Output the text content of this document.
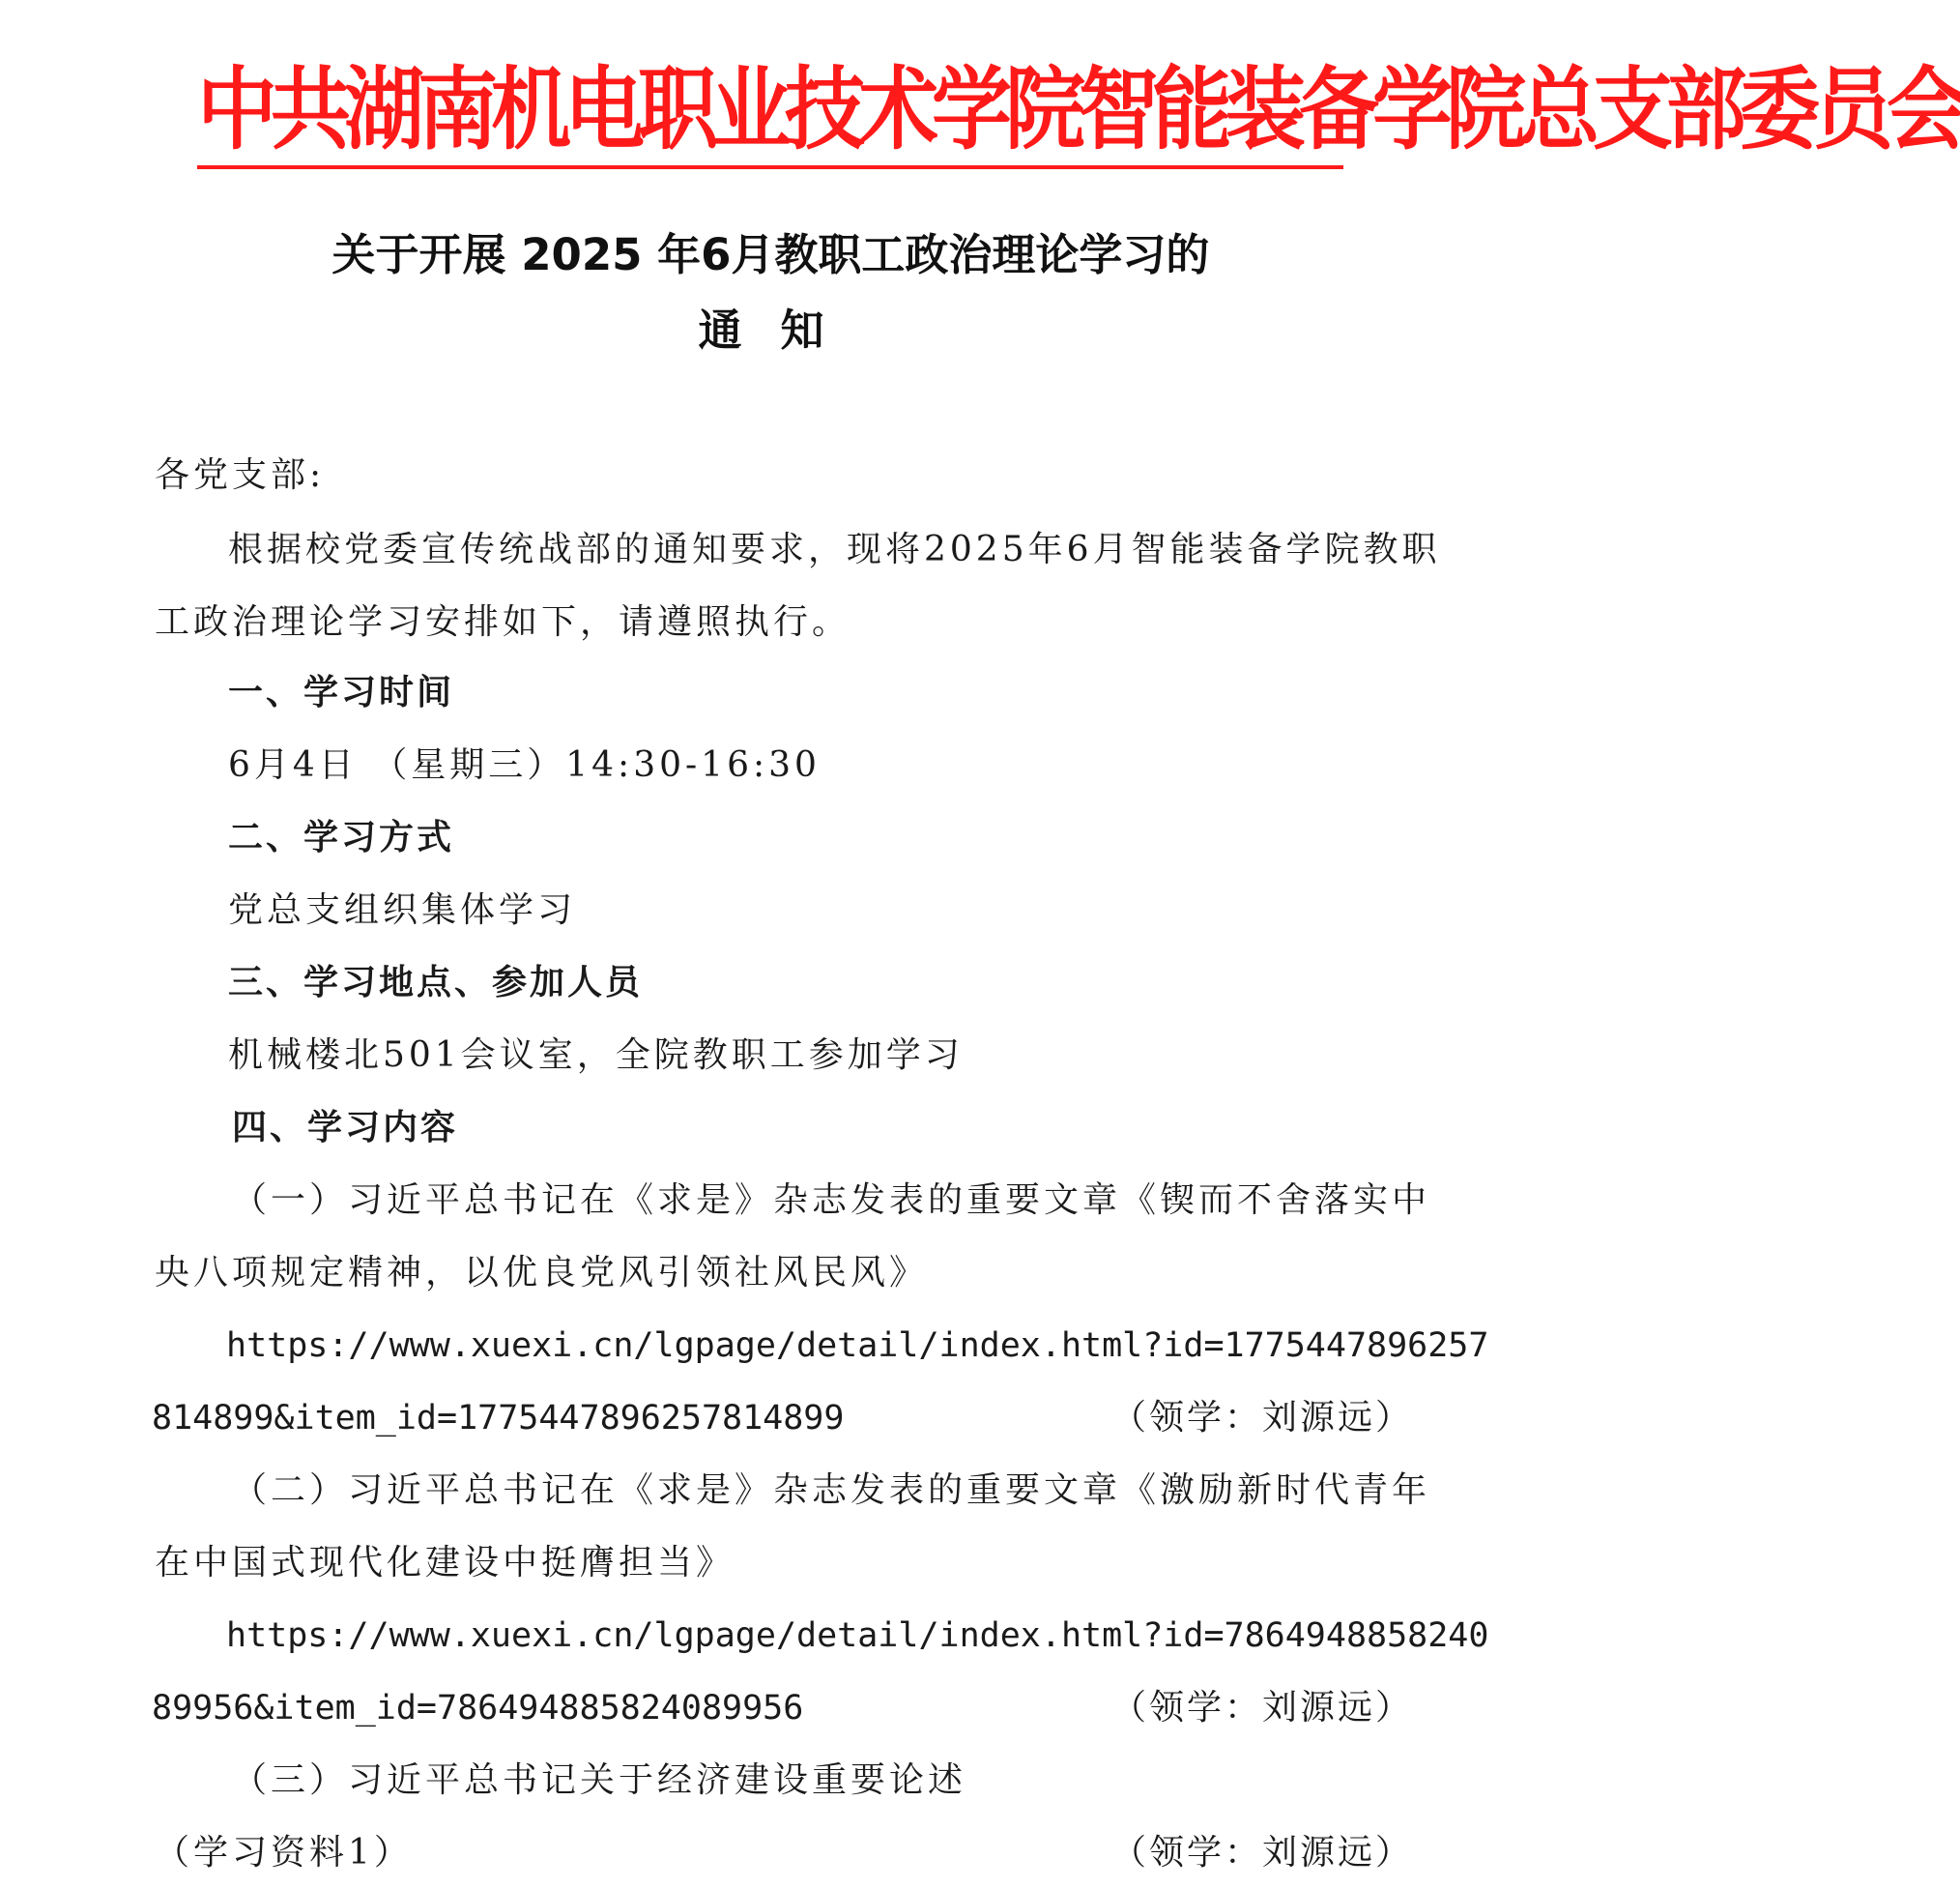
中共湖南机电职业技术学院智能装备学院总支部委员会
关于开展 2025 年6月教职工政治理论学习的
通知
各党支部:
根据校党委宣传统战部的通知要求，现将2025年6月智能装备学院教职
工政治理论学习安排如下，请遵照执行。
一、学习时间
6月4日 （星期三）14:30-16:30
二、学习方式
党总支组织集体学习
三、学习地点、参加人员
机械楼北501会议室，全院教职工参加学习
四、学习内容
（一）习近平总书记在《求是》杂志发表的重要文章《锲而不舍落实中
央八项规定精神，以优良党风引领社风民风》
https://www.xuexi.cn/lgpage/detail/index.html?id=1775447896257
814899&item_id=1775447896257814899	（领学：刘源远）
（二）习近平总书记在《求是》杂志发表的重要文章《激励新时代青年
在中国式现代化建设中挺膺担当》
https://www.xuexi.cn/lgpage/detail/index.html?id=7864948858240
89956&item_id=786494885824089956	（领学：刘源远）
（三）习近平总书记关于经济建设重要论述
（学习资料1）	（领学：刘源远）
